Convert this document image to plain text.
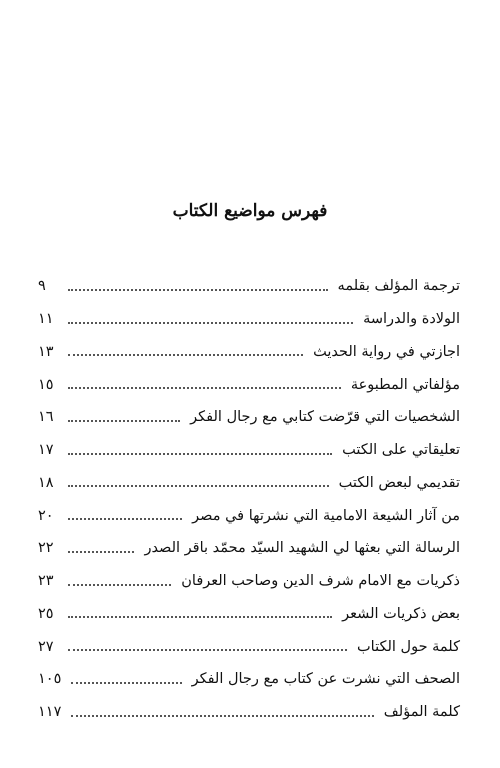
فهرس مواضيع الكتاب
ترجمة المؤلف بقلمه
٩
الولادة والدراسة
١١
اجازتي في رواية الحديث
١٣
مؤلفاتي المطبوعة
١٥
الشخصيات التي قرّضت كتابي مع رجال الفكر
١٦
تعليقاتي على الكتب
١٧
تقديمي لبعض الكتب
١٨
من آثار الشيعة الامامية التي نشرتها في مصر
٢٠
الرسالة التي بعثها لي الشهيد السيّد محمّد باقر الصدر
٢٢
ذكريات مع الامام شرف الدين وصاحب العرفان
٢٣
بعض ذكريات الشعر
٢٥
كلمة حول الكتاب
٢٧
الصحف التي نشرت عن كتاب مع رجال الفكر
١٠٥
كلمة المؤلف
١١٧
